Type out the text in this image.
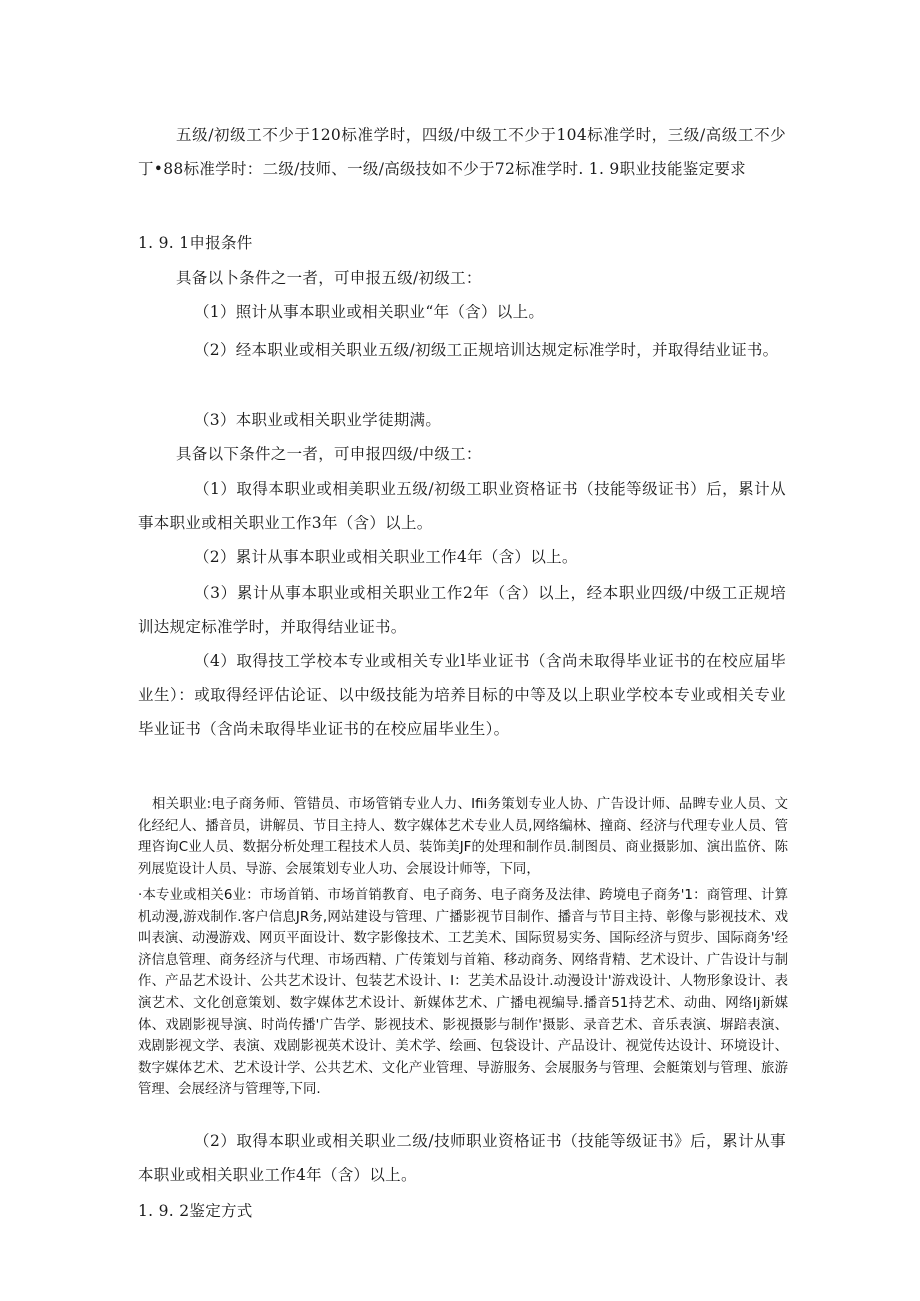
五级/初级工不少于120标准学时，四级/中级工不少于104标准学时，三级/高级工不少丁•88标准学时：二级/技师、一级/高级技如不少于72标准学时. 1. 9职业技能鉴定要求

1. 9. 1申报条件

具备以卜条件之一者，可申报五级/初级工：

（1）照计从事本职业或相关职业“年（含）以上。

（2）经本职业或相关职业五级/初级工正规培训达规定标准学时，并取得结业证书。

（3）本职业或相关职业学徒期满。

具备以下条件之一者，可申报四级/中级工：

（1）取得本职业或相美职业五级/初级工职业资格证书（技能等级证书）后，累计从事本职业或相关职业工作3年（含）以上。

（2）累计从事本职业或相关职业工作4年（含）以上。

（3）累计从事本职业或相关职业工作2年（含）以上，经本职业四级/中级工正规培训达规定标准学时，并取得结业证书。

（4）取得技工学校本专业或相关专业l毕业证书（含尚未取得毕业证书的在校应届毕业生）：或取得经评估论证、以中级技能为培养目标的中等及以上职业学校本专业或相关专业毕业证书（含尚未取得毕业证书的在校应届毕业生）。

相关职业:电子商务师、管错员、市场管销专业人力、Ifii务策划专业人协、广告设计师、品睥专业人员、文化经纪人、播音员，讲解员、节目主持人、数字媒体艺术专业人员,网络编林、撞商、经济与代理专业人员、管理咨询C业人员、数据分析处理工程技术人员、装饰美JF的处理和制作员.制图员、商业摄影加、演出监侪、陈列展览设计人员、导游、会展策划专业人功、会展设计师等，下同，

·本专业或相关6业：市场首销、市场首销教育、电子商务、电子商务及法律、跨境电子商务'1：商管理、计算机动漫,游戏制作.客户信息JR务,网站建设与管理、广播影视节目制作、播音与节目主持、彰像与影视技术、戏叫表演、动漫游戏、网页平面设计、数字影像技术、工艺美术、国际贸易实务、国际经济与贸步、国际商务'经济信息管理、商务经济与代理、市场西精、广传策划与首箱、移动商务、网络背精、艺术设计、广告设计与制作、产品艺术设计、公共艺术设计、包装艺术设计、I：艺美术品设计.动漫设计'游戏设计、人物形象设计、表演艺术、文化创意策划、数字媒体艺术设计、新媒体艺术、广播电视编导.播音51持艺术、动曲、网络Ij新媒体、戏剧影视导演、时尚传播'广告学、影视技术、影视摄影与制作'摄影、录音艺术、音乐表演、塀踣表演、戏剧影视文学、表演、戏剧影视英术设计、美术学、绘画、包袋设计、产品设计、视觉传达设计、环境设计、数字媒体艺术、艺术设计学、公共艺术、文化产业管理、导游服务、会展服务与管理、会艇策划与管理、旅游管理、会展经济与管理等,下同.

（2）取得本职业或相关职业二级/技师职业资格证书（技能等级证书》后，累计从事本职业或相关职业工作4年（含）以上。

1. 9. 2鉴定方式
